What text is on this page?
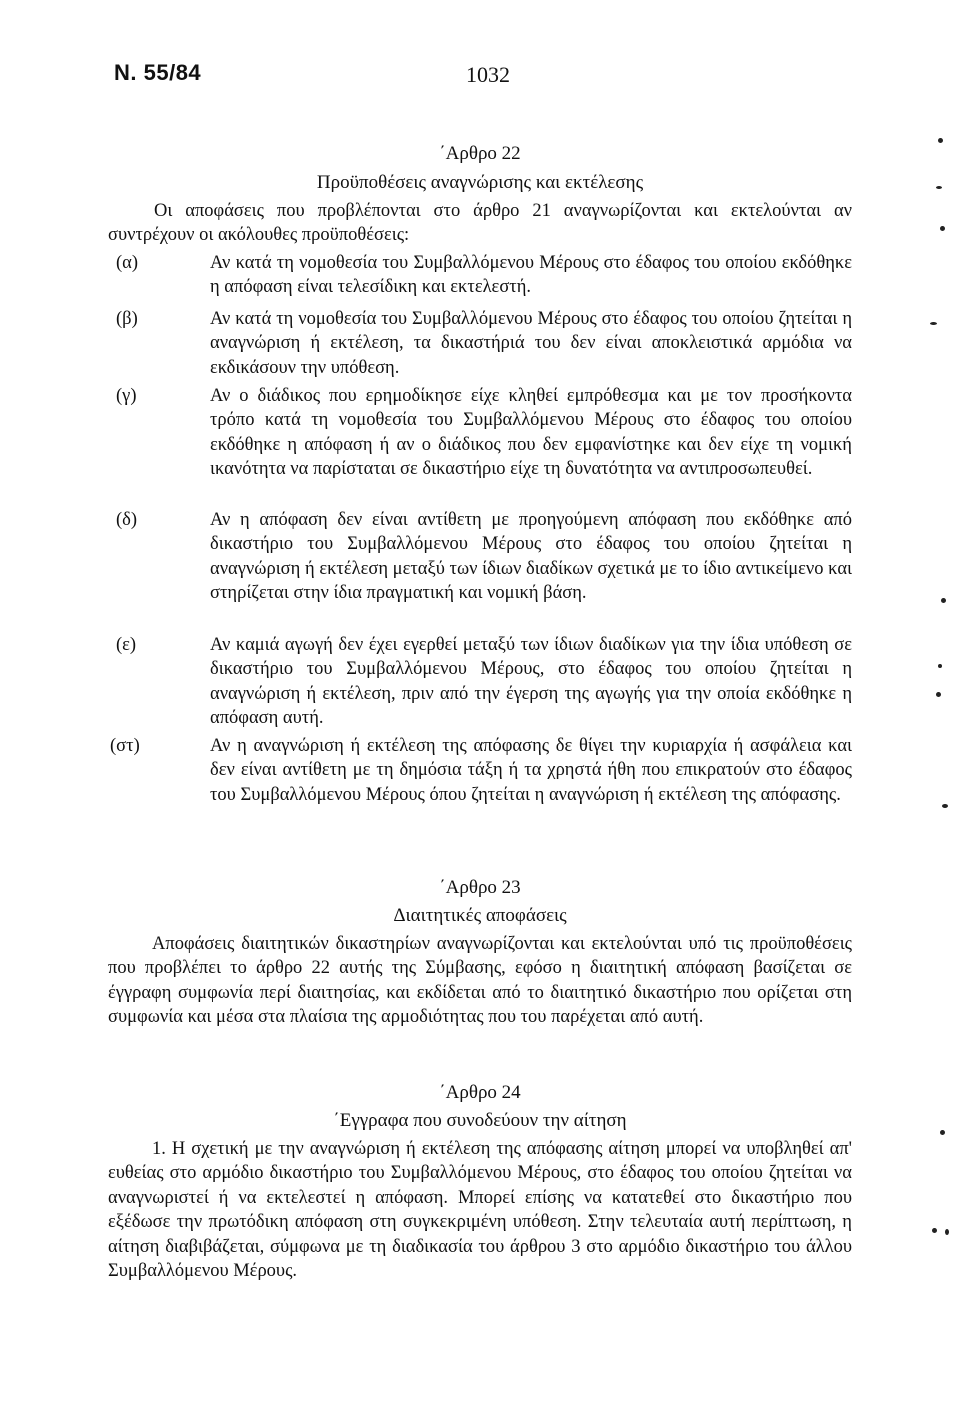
N. 55/84	1032
΄Αρθρο 22
Προϋποθέσεις αναγνώρισης και εκτέλεσης
Οι αποφάσεις που προβλέπονται στο άρθρο 21 αναγνωρίζονται και εκτελούνται αν συντρέχουν οι ακόλουθες προϋποθέσεις:
(α)	Αν κατά τη νομοθεσία του Συμβαλλόμενου Μέρους στο έδαφος του οποίου εκδόθηκε η απόφαση είναι τελεσίδικη και εκτελεστή.
(β)	Αν κατά τη νομοθεσία του Συμβαλλόμενου Μέρους στο έδαφος του οποίου ζητείται η αναγνώριση ή εκτέλεση, τα δικαστήριά του δεν είναι αποκλειστικά αρμόδια να εκδικάσουν την υπόθεση.
(γ)	Αν ο διάδικος που ερημοδίκησε είχε κληθεί εμπρόθεσμα και με τον προσήκοντα τρόπο κατά τη νομοθεσία του Συμβαλλόμενου Μέρους στο έδαφος του οποίου εκδόθηκε η απόφαση ή αν ο διάδικος που δεν εμφανίστηκε και δεν είχε τη νομική ικανότητα να παρίσταται σε δικαστήριο είχε τη δυνατότητα να αντιπροσωπευθεί.
(δ)	Αν η απόφαση δεν είναι αντίθετη με προηγούμενη απόφαση που εκδόθηκε από δικαστήριο του Συμβαλλόμενου Μέρους στο έδαφος του οποίου ζητείται η αναγνώριση ή εκτέλεση μεταξύ των ίδιων διαδίκων σχετικά με το ίδιο αντικείμενο και στηρίζεται στην ίδια πραγματική και νομική βάση.
(ε)	Αν καμιά αγωγή δεν έχει εγερθεί μεταξύ των ίδιων διαδίκων για την ίδια υπόθεση σε δικαστήριο του Συμβαλλόμενου Μέρους, στο έδαφος του οποίου ζητείται η αναγνώριση ή εκτέλεση, πριν από την έγερση της αγωγής για την οποία εκδόθηκε η απόφαση αυτή.
(στ)	Αν η αναγνώριση ή εκτέλεση της απόφασης δε θίγει την κυριαρχία ή ασφάλεια και δεν είναι αντίθετη με τη δημόσια τάξη ή τα χρηστά ήθη που επικρατούν στο έδαφος του Συμβαλλόμενου Μέρους όπου ζητείται η αναγνώριση ή εκτέλεση της απόφασης.
΄Αρθρο 23
Διαιτητικές αποφάσεις
Αποφάσεις διαιτητικών δικαστηρίων αναγνωρίζονται και εκτελούνται υπό τις προϋποθέσεις που προβλέπει το άρθρο 22 αυτής της Σύμβασης, εφόσο η διαιτητική απόφαση βασίζεται σε έγγραφη συμφωνία περί διαιτησίας, και εκδίδεται από το διαιτητικό δικαστήριο που ορίζεται στη συμφωνία και μέσα στα πλαίσια της αρμοδιότητας που του παρέχεται από αυτή.
΄Αρθρο 24
΄Εγγραφα που συνοδεύουν την αίτηση
1. Η σχετική με την αναγνώριση ή εκτέλεση της απόφασης αίτηση μπορεί να υποβληθεί απ' ευθείας στο αρμόδιο δικαστήριο του Συμβαλλόμενου Μέρους, στο έδαφος του οποίου ζητείται να αναγνωριστεί ή να εκτελεστεί η απόφαση. Μπορεί επίσης να κατατεθεί στο δικαστήριο που εξέδωσε την πρωτόδικη απόφαση στη συγκεκριμένη υπόθεση. Στην τελευταία αυτή περίπτωση, η αίτηση διαβιβάζεται, σύμφωνα με τη διαδικασία του άρθρου 3 στο αρμόδιο δικαστήριο του άλλου Συμβαλλόμενου Μέρους.
